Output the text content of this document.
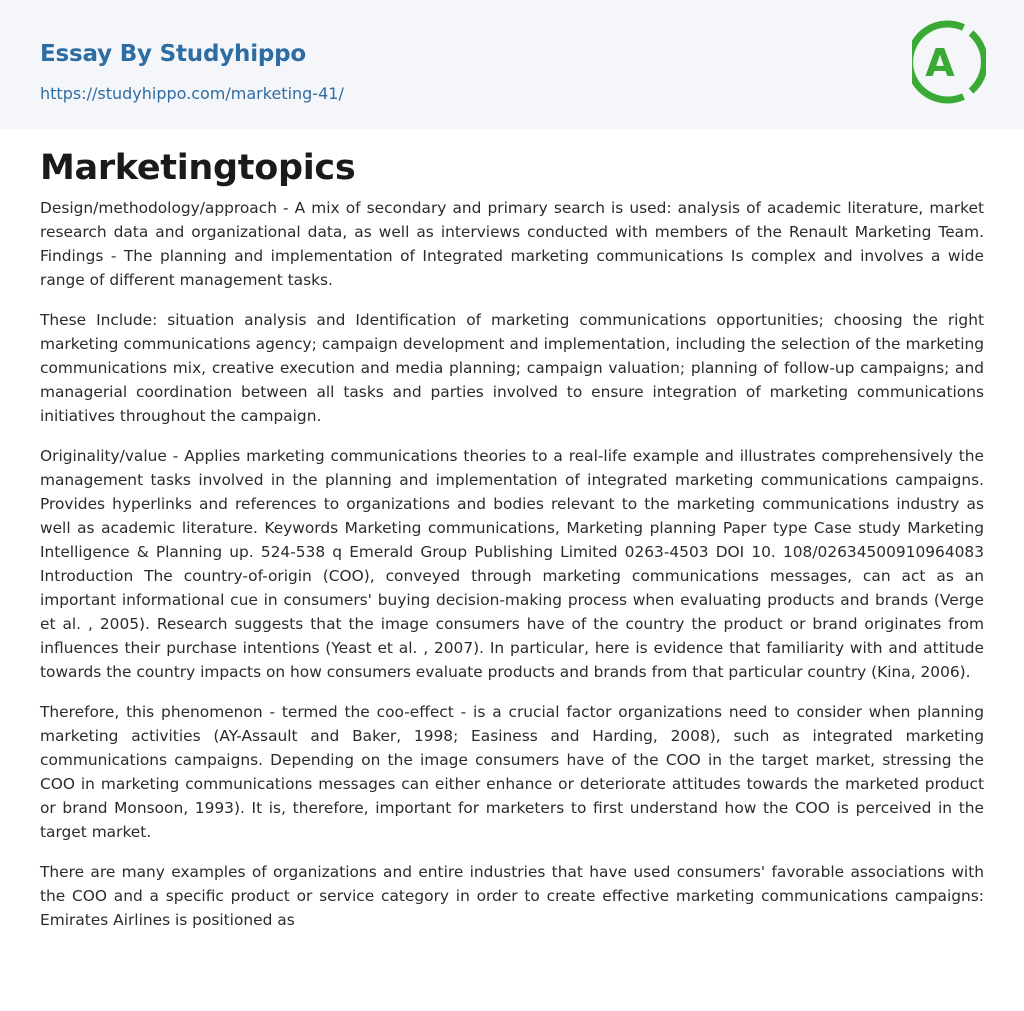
Essay By Studyhippo
https://studyhippo.com/marketing-41/
A
Marketingtopics

Design/methodology/approach - A mix of secondary and primary search is used: analysis of academic literature, market research data and organizational data, as well as interviews conducted with members of the Renault Marketing Team. Findings - The planning and implementation of Integrated marketing communications Is complex and involves a wide range of different management tasks.

These Include: situation analysis and Identification of marketing communications opportunities; choosing the right marketing communications agency; campaign development and implementation, including the selection of the marketing communications mix, creative execution and media planning; campaign valuation; planning of follow-up campaigns; and managerial coordination between all tasks and parties involved to ensure integration of marketing communications initiatives throughout the campaign.

Originality/value - Applies marketing communications theories to a real-life example and illustrates comprehensively the management tasks involved in the planning and implementation of integrated marketing communications campaigns. Provides hyperlinks and references to organizations and bodies relevant to the marketing communications industry as well as academic literature. Keywords Marketing communications, Marketing planning Paper type Case study Marketing Intelligence & Planning up. 524-538 q Emerald Group Publishing Limited 0263-4503 DOI 10. 108/02634500910964083 Introduction The country-of-origin (COO), conveyed through marketing communications messages, can act as an important informational cue in consumers' buying decision-making process when evaluating products and brands (Verge et al. , 2005). Research suggests that the image consumers have of the country the product or brand originates from influences their purchase intentions (Yeast et al. , 2007). In particular, here is evidence that familiarity with and attitude towards the country impacts on how consumers evaluate products and brands from that particular country (Kina, 2006).

Therefore, this phenomenon - termed the coo-effect - is a crucial factor organizations need to consider when planning marketing activities (AY-Assault and Baker, 1998; Easiness and Harding, 2008), such as integrated marketing communications campaigns. Depending on the image consumers have of the COO in the target market, stressing the COO in marketing communications messages can either enhance or deteriorate attitudes towards the marketed product or brand Monsoon, 1993). It is, therefore, important for marketers to first understand how the COO is perceived in the target market.

There are many examples of organizations and entire industries that have used consumers' favorable associations with the COO and a specific product or service category in order to create effective marketing communications campaigns: Emirates Airlines is positioned as
